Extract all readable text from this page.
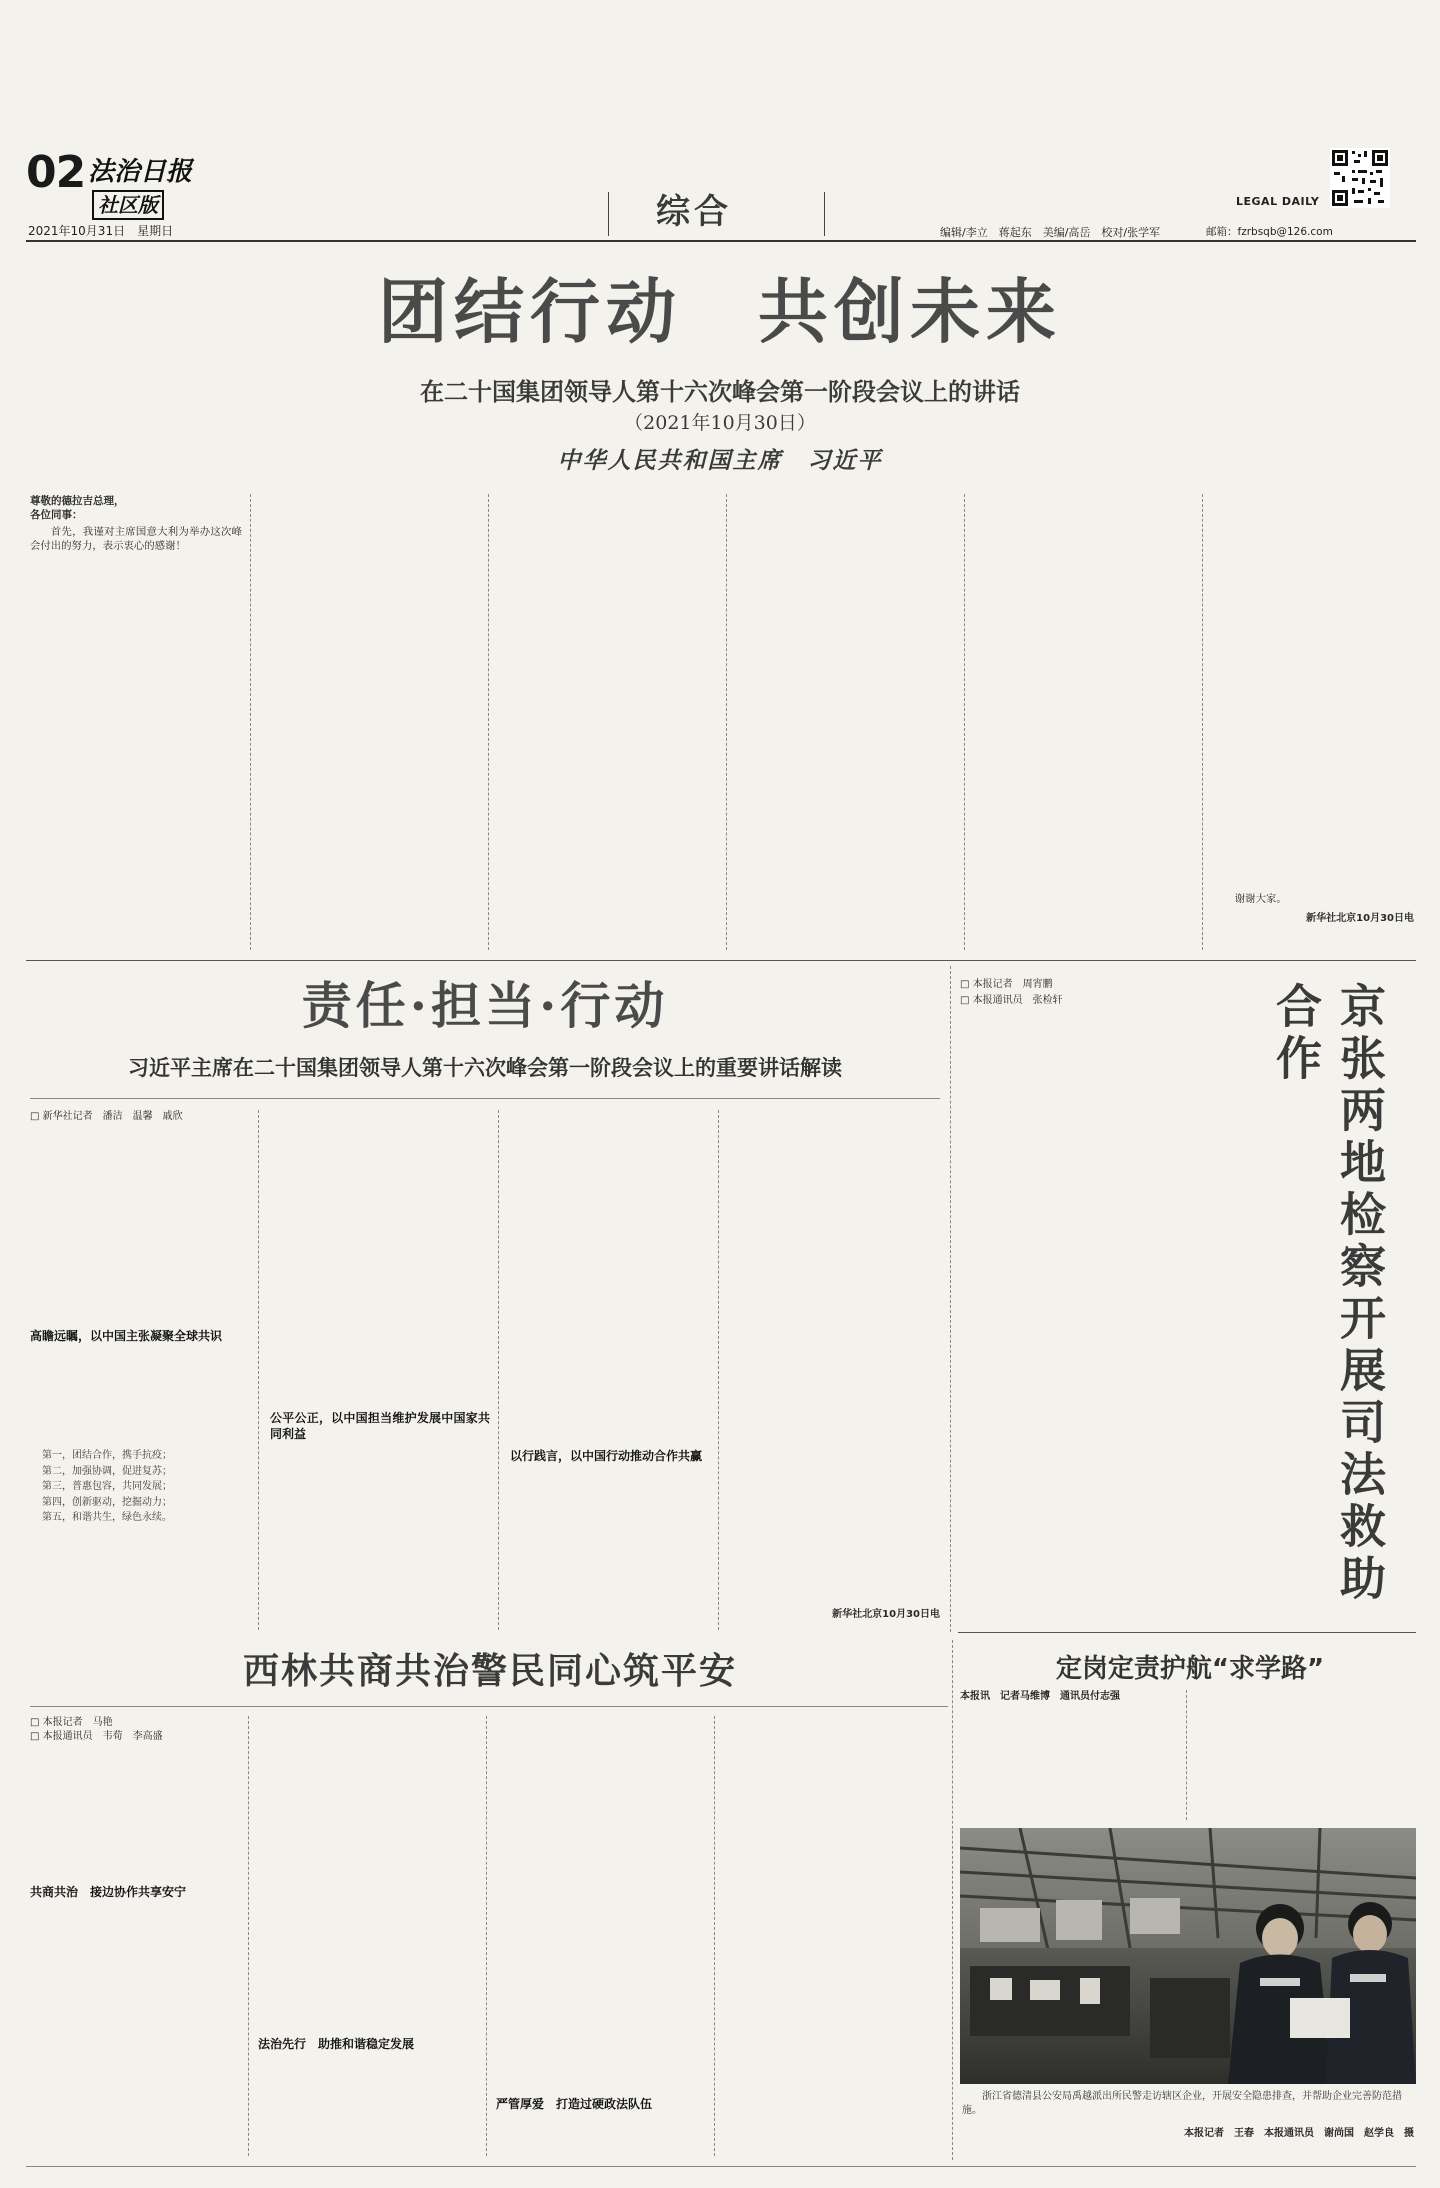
02 法治日报 社区版
2021年10月31日　星期日	综合	LEGAL DAILY
编辑/李立　蒋起东　美编/高岳　校对/张学军	邮箱：fzrbsqb@126.com
团结行动　共创未来
在二十国集团领导人第十六次峰会第一阶段会议上的讲话
（2021年10月30日）
中华人民共和国主席　习近平
尊敬的德拉吉总理，
各位同事：

首先，我谨对主席国意大利为举办这次峰会付出的努力，表示衷心的感谢！

谢谢大家。

新华社北京10月30日电
责任·担当·行动
习近平主席在二十国集团领导人第十六次峰会第一阶段会议上的重要讲话解读
□ 新华社记者　潘洁　温馨　戚欣
高瞻远瞩，以中国主张凝聚全球共识
第一，团结合作，携手抗疫；
第二，加强协调，促进复苏；
第三，普惠包容，共同发展；
第四，创新驱动，挖掘动力；
第五，和谐共生，绿色永续。
公平公正，以中国担当维护发展中国家共同利益
以行践言，以中国行动推动合作共赢
新华社北京10月30日电
□ 本报记者　周宵鹏
□ 本报通讯员　张检轩	京张两地检察开展司法救助合作
定岗定责护航“求学路”
本报讯　记者马维博　通讯员付志强
浙江省德清县公安局禹越派出所民警走访辖区企业，开展安全隐患排查，并帮助企业完善防范措施。
本报记者　王春　本报通讯员　谢尚国　赵学良　摄
西林共商共治警民同心筑平安
□ 本报记者　马艳
□ 本报通讯员　韦荀　李高盛
共商共治　接边协作共享安宁
法治先行　助推和谐稳定发展
严管厚爱　打造过硬政法队伍
